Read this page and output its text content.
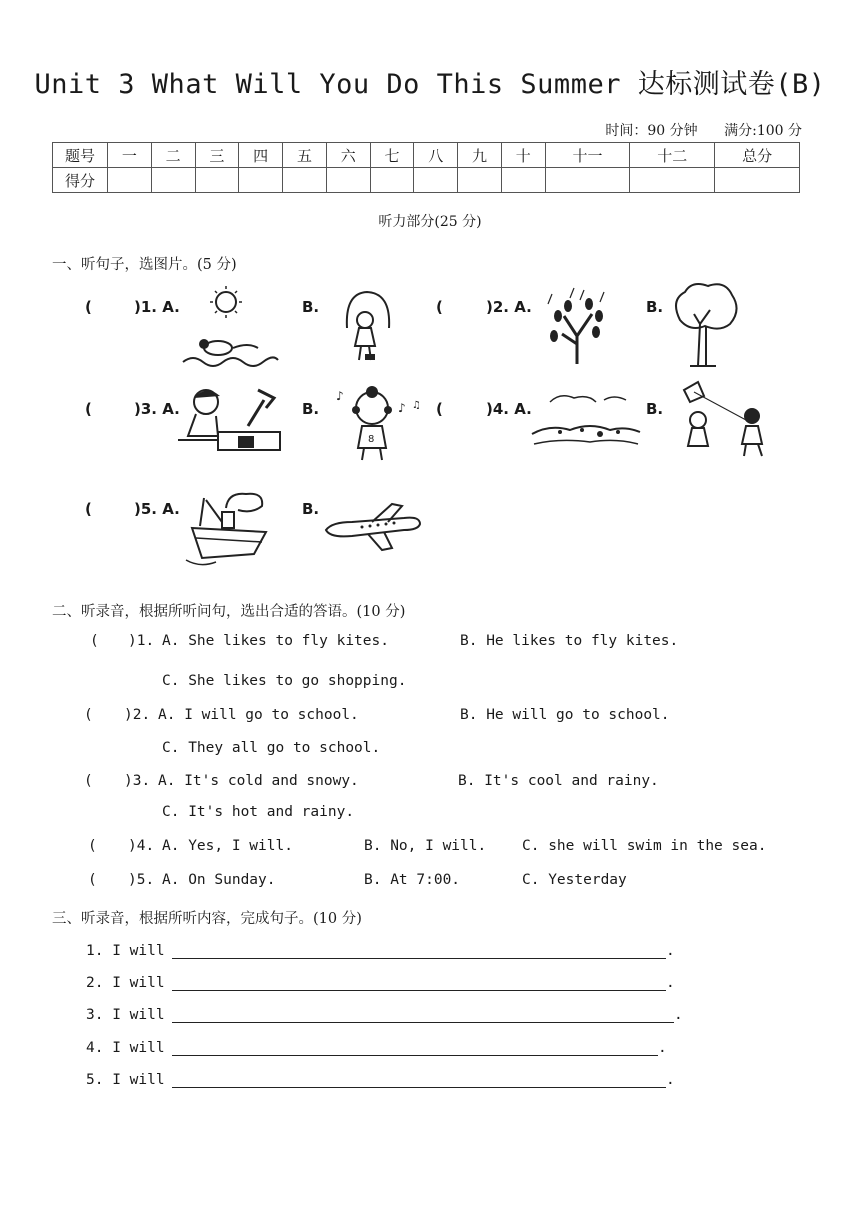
Unit 3 What Will You Do This Summer 达标测试卷(B)
时间：90 分钟 满分:100 分
题号	一	二	三	四	五	六	七	八	九	十	十一	十二	总分
得分													
听力部分(25 分)
一、听句子，选图片。(5 分)
(	)1. A.	B.	(	)2. A.	B.
(	)3. A.	B.
8
♪
♪ ♫ (	)4. A.	B.
(	)5. A.	B.
二、听录音，根据所听问句，选出合适的答语。(10 分)
( )1. A. She likes to fly kites.	B. He likes to fly kites.
C. She likes to go shopping.
( )2. A. I will go to school.	B. He will go to school.
C. They all go to school.
( )3. A. It's cold and snowy.	B. It's cool and rainy.
C. It's hot and rainy.
( )4. A. Yes, I will.	B. No, I will. C. she will swim in the sea.
( )5. A. On Sunday.	B. At 7:00.	C. Yesterday
三、听录音，根据所听内容，完成句子。(10 分)
1. I will	.
2. I will	.
3. I will	.
4. I will	.
5. I will	.
